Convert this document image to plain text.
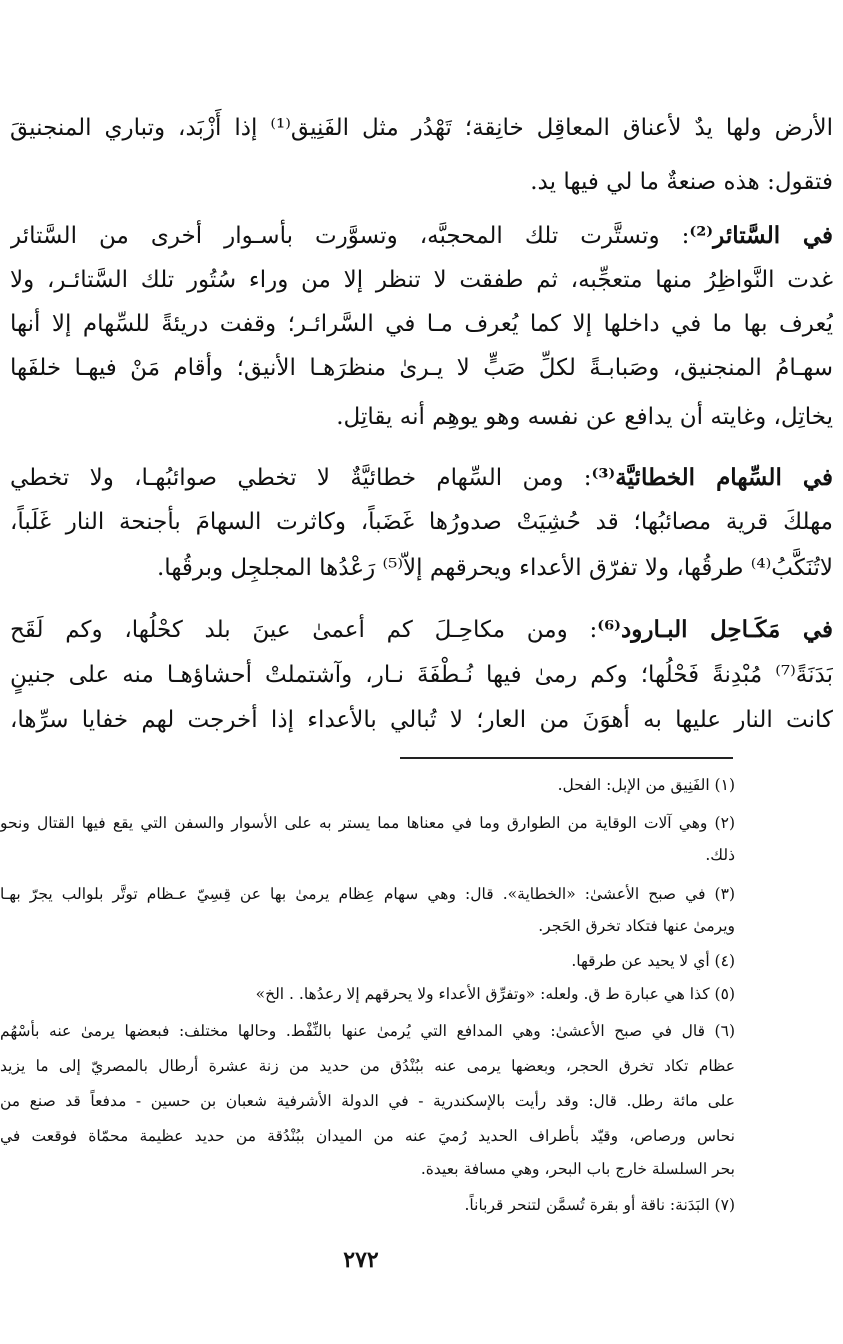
الأرض ولها يدٌ لأعناق المعاقِل خانِقة؛ تَهْدُر مثل الفَنِيق⁽¹⁾ إذا أَزْبَد، وتباري المنجنيقَ
فتقول: هذه صنعةٌ ما لي فيها يد.
في السَّتائر⁽²⁾: وتستَّرت تلك المحجبَّه، وتسوَّرت بأسـوار أخرى من السَّتائر
غدت النَّواظِرُ منها متعجِّبه، ثم طفقت لا تنظر إلا من وراء سُتُور تلك السَّتائـر، ولا
يُعرف بها ما في داخلها إلا كما يُعرف مـا في السَّرائـر؛ وقفت دريئةً للسِّهام إلا أنها
سهـامُ المنجنيق، وصَبابـةً لكلِّ صَبٍّ لا يـرىٰ منظرَهـا الأنيق؛ وأقام مَنْ فيهـا خلفَها
يخاتِل، وغايته أن يدافع عن نفسه وهو يوهِم أنه يقاتِل.
في السِّهام الخطائيَّة⁽³⁾: ومن السِّهام خطائيَّةٌ لا تخطي صوائبُهـا، ولا تخطي
مهلكَ قرية مصائبُها؛ قد حُشِيَتْ صدورُها غَضَباً، وكاثرت السهامَ بأجنحة النار غَلَباً،
لاتُنَكَّبُ⁽⁴⁾ طرقُها، ولا تفرّق الأعداء ويحرقهم إلاّ⁽⁵⁾ رَعْدُها المجلجِل وبرقُها.
في مَكَـاحِل البـارود⁽⁶⁾: ومن مكاحِـلَ كم أعمىٰ عينَ بلد كحْلُها، وكم لَقَح
بَدَنَةً⁽⁷⁾ مُبْدِنةً فَحْلُها؛ وكم رمىٰ فيها نُـطْفَةَ نـار، وآشتملتْ أحشاؤهـا منه على جنينٍ
كانت النار عليها به أهوَنَ من العار؛ لا تُبالي بالأعداء إذا أخرجت لهم خفايا سرِّها،
(١) الفَنِيق من الإبل: الفحل.
(٢) وهي آلات الوقاية من الطوارق وما في معناها مما يستر به على الأسوار والسفن التي يقع فيها القتال ونحو
ذلك.
(٣) في صبح الأعشىٰ: «الخطاية». قال: وهي سهام عِظام يرمىٰ بها عن قِسِيّ عـظام توتَّر بلوالب يجرّ بهـا
ويرمىٰ عنها فتكاد تخرق الحَجر.
(٤) أي لا يحيد عن طرقها.
(٥) كذا هي عبارة ط ق. ولعله: «وتفرِّق الأعداء ولا يحرقهم إلا رعدُها. . الخ»
(٦) قال في صبح الأعشىٰ: وهي المدافع التي يُرمىٰ عنها بالنِّفْط. وحالها مختلف: فبعضها يرمىٰ عنه بأسْهُم
عظام تكاد تخرق الحجر، وبعضها يرمى عنه ببُنْدُق من حديد من زنة عشرة أرطال بالمصريّ إلى ما يزيد
على مائة رطل. قال: وقد رأيت بالإسكندرية - في الدولة الأشرفية شعبان بن حسين - مدفعاً قد صنع من
نحاس ورصاص، وقيّد بأطراف الحديد رُميَ عنه من الميدان ببُنْدُقة من حديد عظيمة محمّاة فوقعت في
بحر السلسلة خارج باب البحر، وهي مسافة بعيدة.
(٧) البَدَنة: ناقة أو بقرة تُسمَّن لتنحر قرباناً.
٢٧٢
